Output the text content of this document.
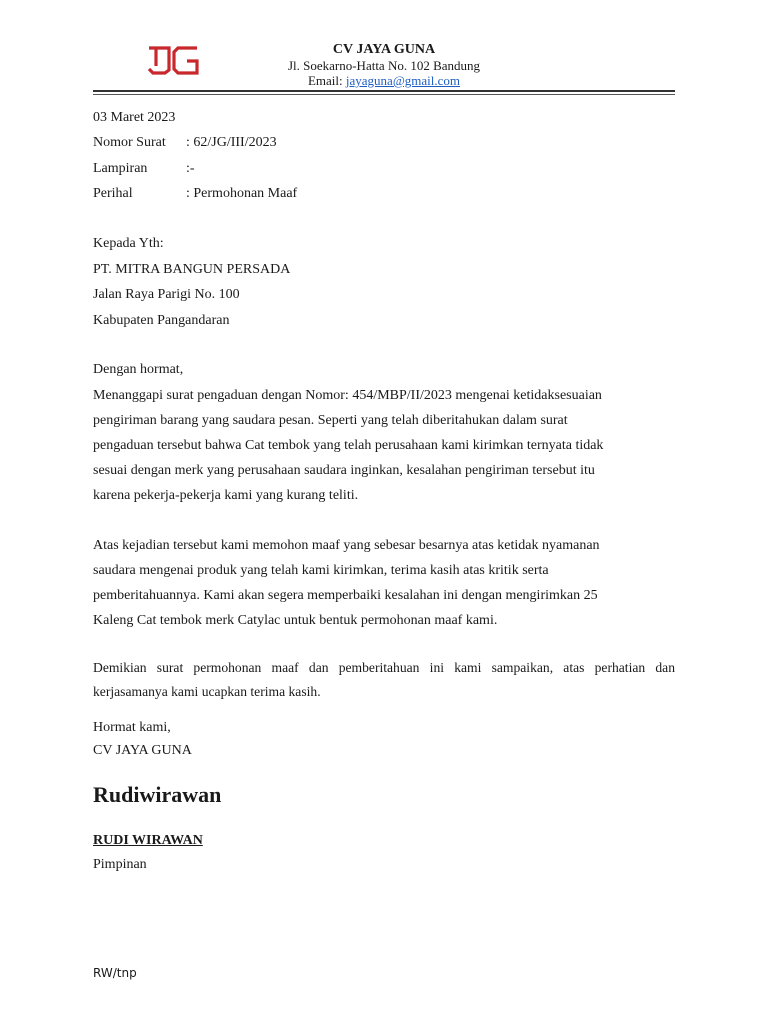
CV JAYA GUNA
Jl. Soekarno-Hatta No. 102 Bandung
Email: jayaguna@gmail.com
03 Maret 2023
Nomor Surat : 62/JG/III/2023
Lampiran	:-
Perihal	: Permohonan Maaf
Kepada Yth:
PT. MITRA BANGUN PERSADA
Jalan Raya Parigi No. 100
Kabupaten Pangandaran
Dengan hormat,

Menanggapi surat pengaduan dengan Nomor: 454/MBP/II/2023 mengenai ketidaksesuaian

pengiriman barang yang saudara pesan. Seperti yang telah diberitahukan dalam surat

pengaduan tersebut bahwa Cat tembok yang telah perusahaan kami kirimkan ternyata tidak

sesuai dengan merk yang perusahaan saudara inginkan, kesalahan pengiriman tersebut itu

karena pekerja-pekerja kami yang kurang teliti.

Atas kejadian tersebut kami memohon maaf yang sebesar besarnya atas ketidak nyamanan

saudara mengenai produk yang telah kami kirimkan, terima kasih atas kritik serta

pemberitahuannya. Kami akan segera memperbaiki kesalahan ini dengan mengirimkan 25

Kaleng Cat tembok merk Catylac untuk bentuk permohonan maaf kami.

Demikian surat permohonan maaf dan pemberitahuan ini kami sampaikan, atas perhatian dan kerjasamanya kami ucapkan terima kasih.
Hormat kami,
CV JAYA GUNA
Rudiwirawan
RUDI WIRAWAN
Pimpinan
RW/tnp
